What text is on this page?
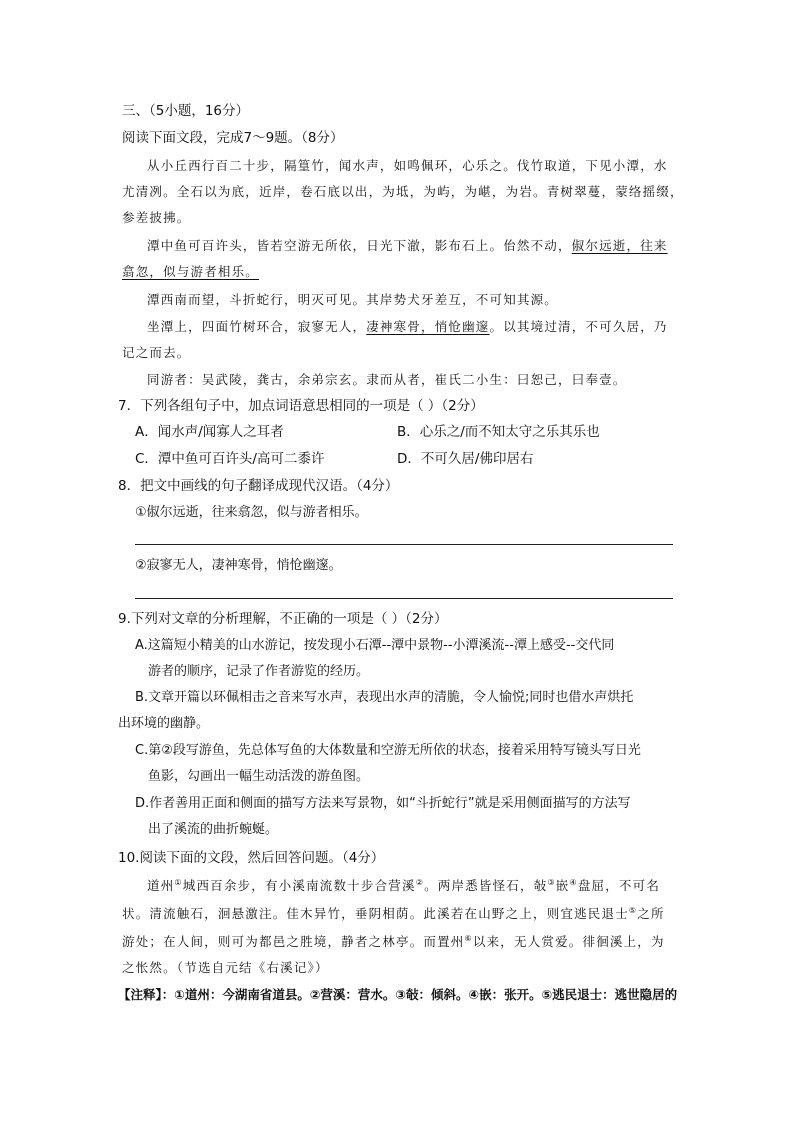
三、（5小题，16分）
阅读下面文段，完成7～9题。（8分）
从小丘西行百二十步，隔篁竹，闻水声，如鸣佩环，心乐之。伐竹取道，下见小潭，水
尤清冽。全石以为底，近岸，卷石底以出，为坻，为屿，为嵁，为岩。青树翠蔓，蒙络摇缀，
参差披拂。
潭中鱼可百许头，皆若空游无所依，日光下澈，影布石上。佁然不动，俶尔远逝，往来
翕忽，似与游者相乐。
潭西南而望，斗折蛇行，明灭可见。其岸势犬牙差互，不可知其源。
坐潭上，四面竹树环合，寂寥无人，凄神寒骨，悄怆幽邃。以其境过清，不可久居，乃
记之而去。
同游者：吴武陵，龚古，余弟宗玄。隶而从者，崔氏二小生：曰恕己，曰奉壹。
7．下列各组句子中，加点词语意思相同的一项是（ ）（2分）
A．闻水声/闻寡人之耳者	B．心乐之/而不知太守之乐其乐也
C．潭中鱼可百许头/高可二黍许	D．不可久居/佛印居右
8．把文中画线的句子翻译成现代汉语。（4分）
①俶尔远逝，往来翕忽，似与游者相乐。
②寂寥无人，凄神寒骨，悄怆幽邃。
9.下列对文章的分析理解，不正确的一项是（ ）（2分）
A.这篇短小精美的山水游记，按发现小石潭--潭中景物--小潭溪流--潭上感受--交代同
游者的顺序，记录了作者游览的经历。
B.文章开篇以环佩相击之音来写水声，表现出水声的清脆，令人愉悦;同时也借水声烘托
出环境的幽静。
C.第②段写游鱼，先总体写鱼的大体数量和空游无所依的状态，接着采用特写镜头写日光
鱼影，勾画出一幅生动活泼的游鱼图。
D.作者善用正面和侧面的描写方法来写景物，如“斗折蛇行”就是采用侧面描写的方法写
出了溪流的曲折蜿蜒。
10.阅读下面的文段，然后回答问题。（4分）
道州①城西百余步，有小溪南流数十步合营溪②。两岸悉皆怪石，敧③嵌④盘屈，不可名
状。清流触石，洄悬激注。佳木异竹，垂阴相荫。此溪若在山野之上，则宜逃民退士⑤之所
游处；在人间，则可为都邑之胜境，静者之林亭。而置州⑥以来，无人赏爱。徘徊溪上，为
之怅然。（节选自元结《右溪记》）
【注释】：①道州：今湖南省道县。②营溪：营水。③敧：倾斜。④嵌：张开。⑤逃民退士：逃世隐居的
